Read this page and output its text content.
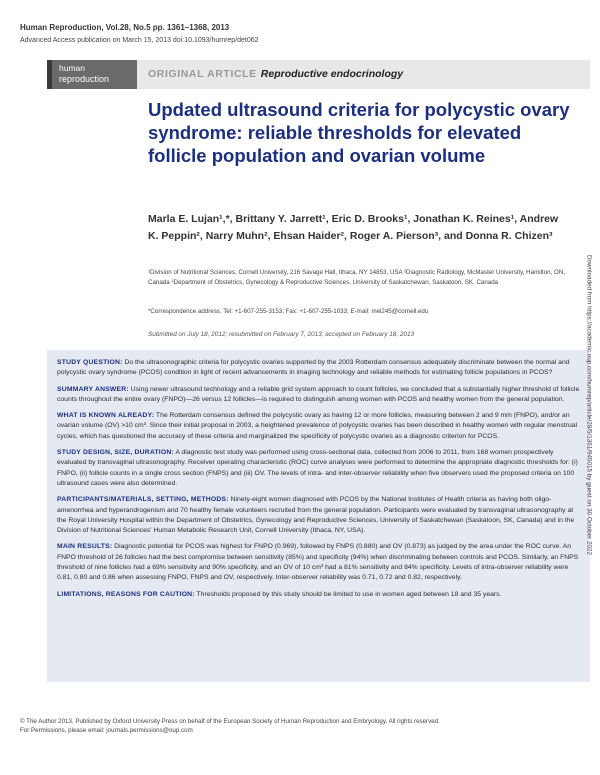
Human Reproduction, Vol.28, No.5 pp. 1361–1368, 2013
Advanced Access publication on March 15, 2013 doi:10.1093/humrep/det062
human
reproduction	ORIGINAL ARTICLE Reproductive endocrinology
Updated ultrasound criteria for polycystic ovary syndrome: reliable thresholds for elevated follicle population and ovarian volume
Marla E. Lujan¹,*, Brittany Y. Jarrett¹, Eric D. Brooks¹, Jonathan K. Reines¹, Andrew K. Peppin², Narry Muhn², Ehsan Haider², Roger A. Pierson³, and Donna R. Chizen³
¹Division of Nutritional Sciences, Cornell University, 216 Savage Hall, Ithaca, NY 14853, USA ²Diagnostic Radiology, McMaster University, Hamilton, ON, Canada ³Department of Obstetrics, Gynecology & Reproductive Sciences, University of Saskatchewan, Saskatoon, SK, Canada
*Correspondence address. Tel: +1-607-255-3153; Fax: +1-607-255-1033; E-mail: mel245@cornell.edu
Submitted on July 18, 2012; resubmitted on February 7, 2013; accepted on February 18, 2013

STUDY QUESTION: Do the ultrasonographic criteria for polycystic ovaries supported by the 2003 Rotterdam consensus adequately discriminate between the normal and polycystic ovary syndrome (PCOS) condition in light of recent advancements in imaging technology and reliable methods for estimating follicle populations in PCOS?

SUMMARY ANSWER: Using newer ultrasound technology and a reliable grid system approach to count follicles, we concluded that a substantially higher threshold of follicle counts throughout the entire ovary (FNPO)—26 versus 12 follicles—is required to distinguish among women with PCOS and healthy women from the general population.

WHAT IS KNOWN ALREADY: The Rotterdam consensus defined the polycystic ovary as having 12 or more follicles, measuring between 2 and 9 mm (FNPO), and/or an ovarian volume (OV) >10 cm³. Since their initial proposal in 2003, a heightened prevalence of polycystic ovaries has been described in healthy women with regular menstrual cycles, which has questioned the accuracy of these criteria and marginalized the specificity of polycystic ovaries as a diagnostic criterion for PCOS.

STUDY DESIGN, SIZE, DURATION: A diagnostic test study was performed using cross-sectional data, collected from 2006 to 2011, from 168 women prospectively evaluated by transvaginal ultrasonography. Receiver operating characteristic (ROC) curve analyses were performed to determine the appropriate diagnostic thresholds for: (i) FNPO, (ii) follicle counts in a single cross section (FNPS) and (iii) OV. The levels of intra- and inter-observer reliability when five observers used the proposed criteria on 100 ultrasound cases were also determined.

PARTICIPANTS/MATERIALS, SETTING, METHODS: Ninety-eight women diagnosed with PCOS by the National Institutes of Health criteria as having both oligo-amenorrhea and hyperandrogenism and 70 healthy female volunteers recruited from the general population. Participants were evaluated by transvaginal ultrasonography at the Royal University Hospital within the Department of Obstetrics, Gynecology and Reproductive Sciences, University of Saskatchewan (Saskatoon, SK, Canada) and in the Division of Nutritional Sciences' Human Metabolic Research Unit, Cornell University (Ithaca, NY, USA).

MAIN RESULTS: Diagnostic potential for PCOS was highest for FNPO (0.969), followed by FNPS (0.880) and OV (0.873) as judged by the area under the ROC curve. An FNPO threshold of 26 follicles had the best compromise between sensitivity (85%) and specificity (94%) when discriminating between controls and PCOS. Similarly, an FNPS threshold of nine follicles had a 69% sensitivity and 90% specificity, and an OV of 10 cm³ had a 81% sensitivity and 84% specificity. Levels of intra-observer reliability were 0.81, 0.80 and 0.86 when assessing FNPO, FNPS and OV, respectively. Inter-observer reliability was 0.71, 0.72 and 0.82, respectively.

LIMITATIONS, REASONS FOR CAUTION: Thresholds proposed by this study should be limited to use in women aged between 18 and 35 years.

© The Author 2013. Published by Oxford University Press on behalf of the European Society of Human Reproduction and Embryology. All rights reserved.
For Permissions, please email: journals.permissions@oup.com
Downloaded from https://academic.oup.com/humrep/article/28/5/1361/945015 by guest on 30 October 2022
